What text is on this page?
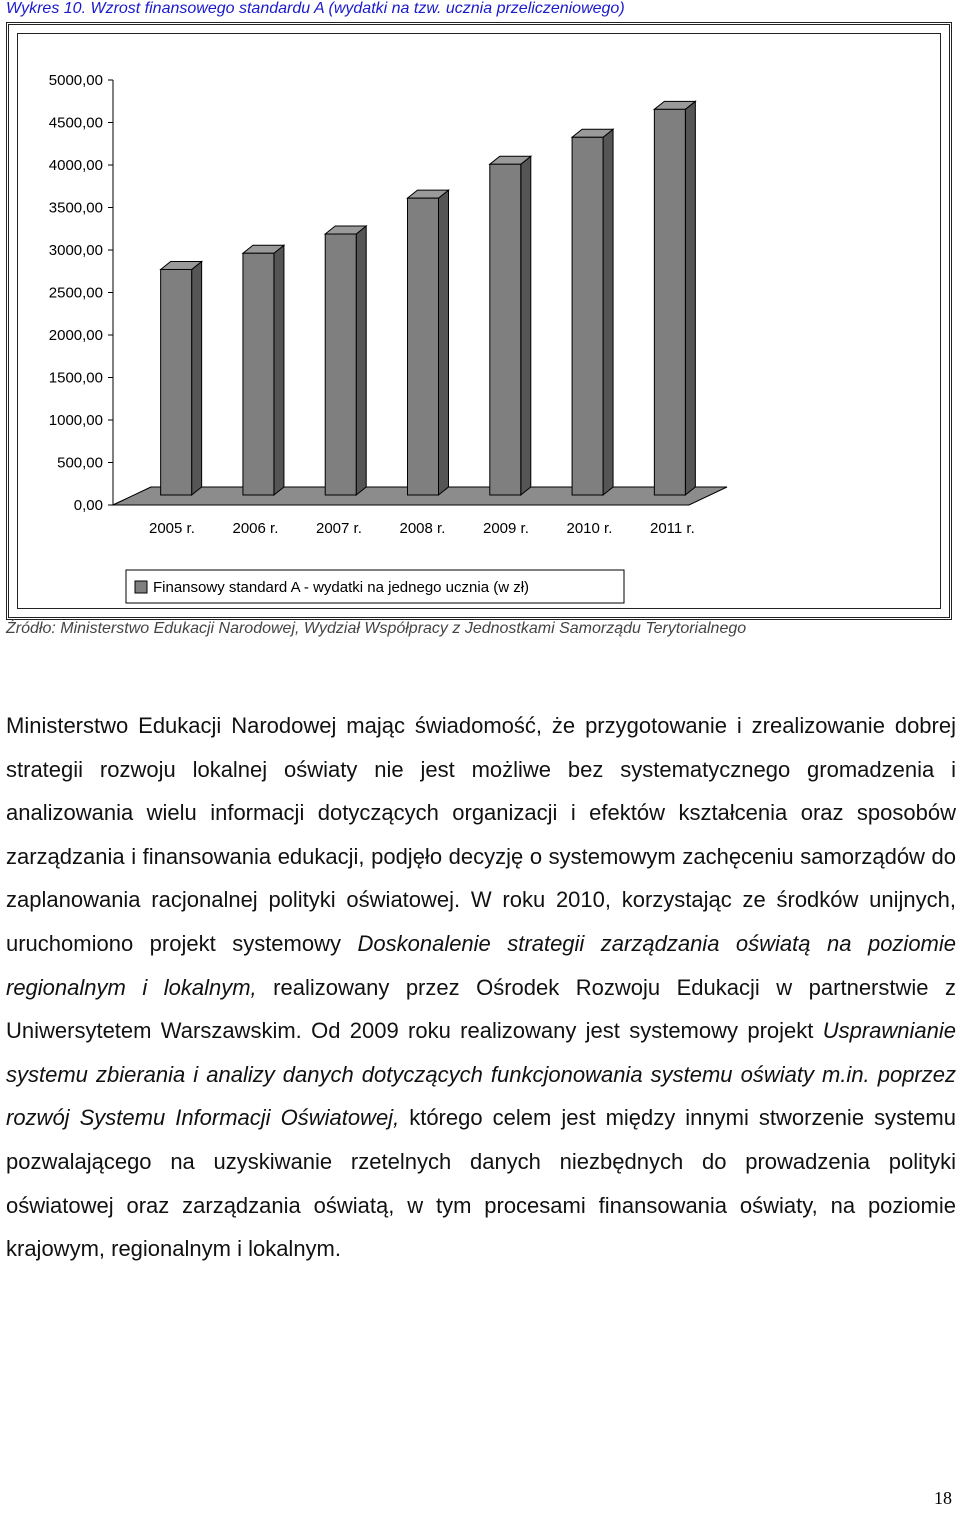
Wykres 10. Wzrost finansowego standardu A (wydatki na tzw. ucznia przeliczeniowego)
0,00
500,00
1000,00
1500,00
2000,00
2500,00
3000,00
3500,00
4000,00
4500,00
5000,00
2005 r.	2006 r.	2007 r.	2008 r.	2009 r.	2010 r.	2011 r.
Finansowy standard A - wydatki na jednego ucznia (w zł)
Źródło: Ministerstwo Edukacji Narodowej, Wydział Współpracy z Jednostkami Samorządu Terytorialnego

Ministerstwo Edukacji Narodowej mając świadomość, że przygotowanie i zrealizowanie dobrej strategii rozwoju lokalnej oświaty nie jest możliwe bez systematycznego gromadzenia i analizowania wielu informacji dotyczących organizacji i efektów kształcenia oraz sposobów zarządzania i finansowania edukacji, podjęło decyzję o systemowym zachęceniu samorządów do zaplanowania racjonalnej polityki oświatowej. W roku 2010, korzystając ze środków unijnych, uruchomiono projekt systemowy Doskonalenie strategii zarządzania oświatą na poziomie regionalnym i lokalnym, realizowany przez Ośrodek Rozwoju Edukacji w partnerstwie z Uniwersytetem Warszawskim. Od 2009 roku realizowany jest systemowy projekt Usprawnianie systemu zbierania i analizy danych dotyczących funkcjonowania systemu oświaty m.in. poprzez rozwój Systemu Informacji Oświatowej, którego celem jest między innymi stworzenie systemu pozwalającego na uzyskiwanie rzetelnych danych niezbędnych do prowadzenia polityki oświatowej oraz zarządzania oświatą, w tym procesami finansowania oświaty, na poziomie krajowym, regionalnym i lokalnym.

18
